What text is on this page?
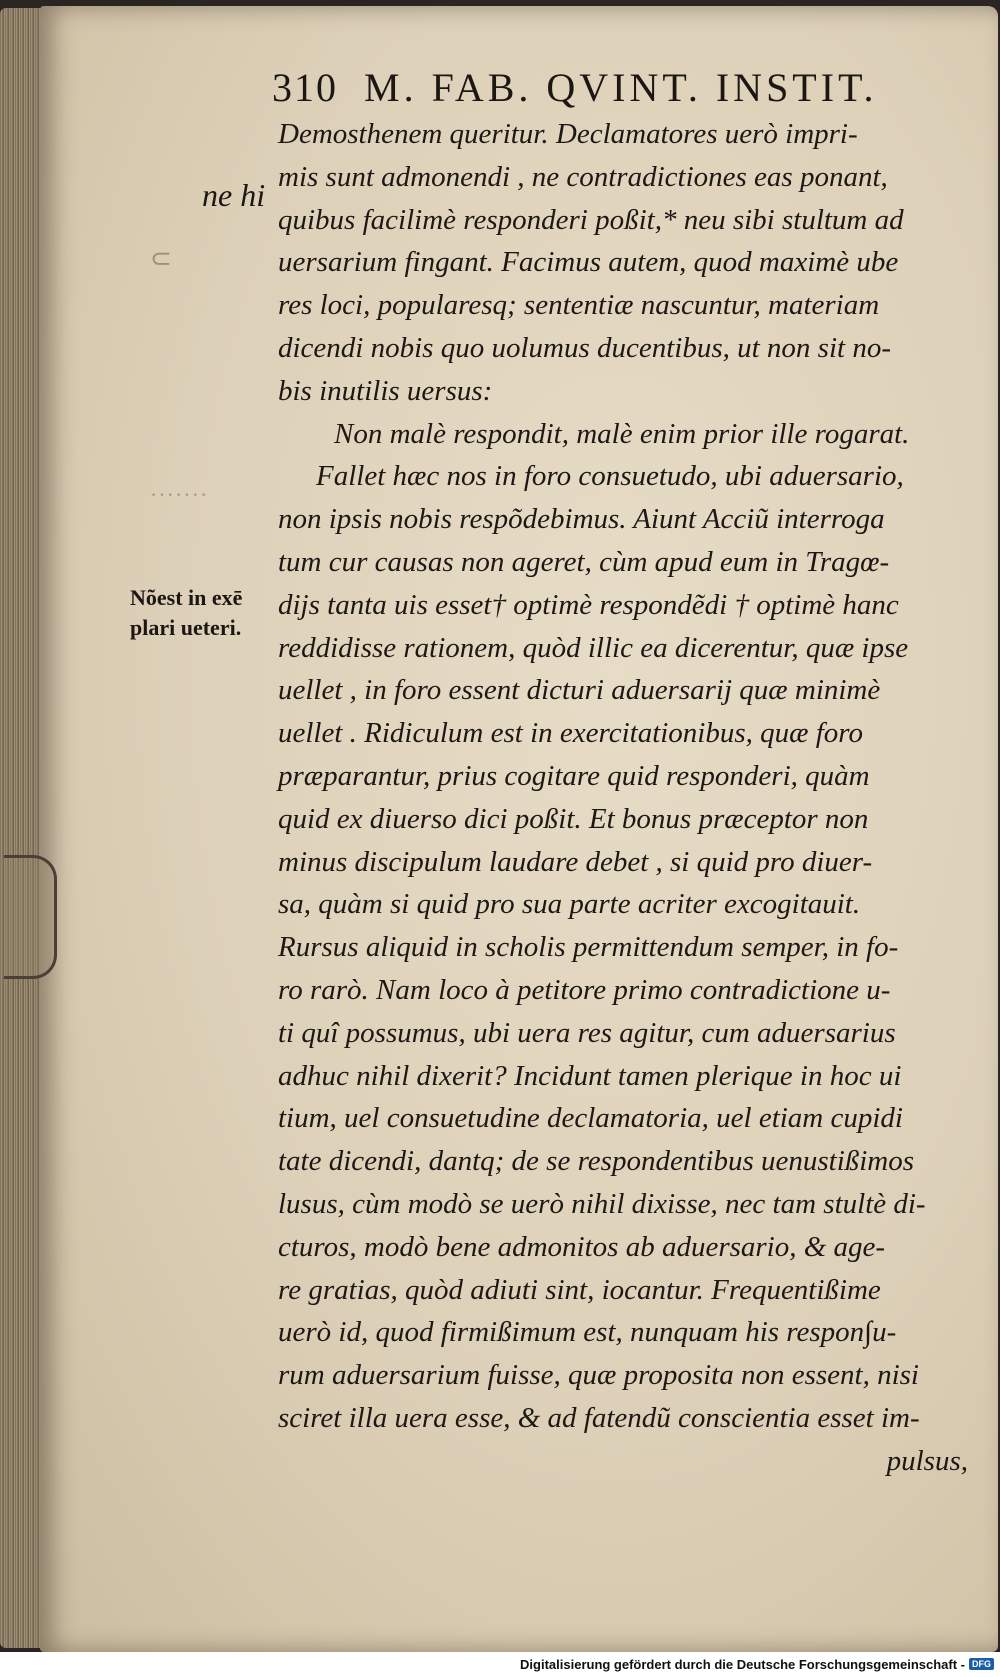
⊂
·······
310 M. FAB. QVINT. INSTIT.
ne hi
Nõest in exē
plari ueteri.
Demosthenem queritur. Declamatores uerò impri-
mis sunt admonendi , ne contradictiones eas ponant,
quibus facilimè responderi poßit,* neu sibi stultum ad
uersarium fingant. Facimus autem, quod maximè ube
res loci, popularesq; sententiæ nascuntur, materiam
dicendi nobis quo uolumus ducentibus, ut non sit no-
bis inutilis uersus:
Non malè respondit, malè enim prior ille rogarat.
Fallet hæc nos in foro consuetudo, ubi aduersario,
non ipsis nobis respõdebimus. Aiunt Acciũ interroga
tum cur causas non ageret, cùm apud eum in Tragœ-
dijs tanta uis esset† optimè respondẽdi † optimè hanc
reddidisse rationem, quòd illic ea dicerentur, quæ ipse
uellet , in foro essent dicturi aduersarij quæ minimè
uellet . Ridiculum est in exercitationibus, quæ foro
præparantur, prius cogitare quid responderi, quàm
quid ex diuerso dici poßit. Et bonus præceptor non
minus discipulum laudare debet , si quid pro diuer-
sa, quàm si quid pro sua parte acriter excogitauit.
Rursus aliquid in scholis permittendum semper, in fo-
ro rarò. Nam loco à petitore primo contradictione u-
ti quî possumus, ubi uera res agitur, cum aduersarius
adhuc nihil dixerit? Incidunt tamen plerique in hoc ui
tium, uel consuetudine declamatoria, uel etiam cupidi
tate dicendi, dantq; de se respondentibus uenustißimos
lusus, cùm modò se uerò nihil dixisse, nec tam stultè di-
cturos, modò bene admonitos ab aduersario, & age-
re gratias, quòd adiuti sint, iocantur. Frequentißime
uerò id, quod firmißimum est, nunquam his respon∫u-
rum aduersarium fuisse, quæ proposita non essent, nisi
sciret illa uera esse, & ad fatendũ conscientia esset im-
pulsus,
Digitalisierung gefördert durch die Deutsche Forschungsgemeinschaft - DFG
